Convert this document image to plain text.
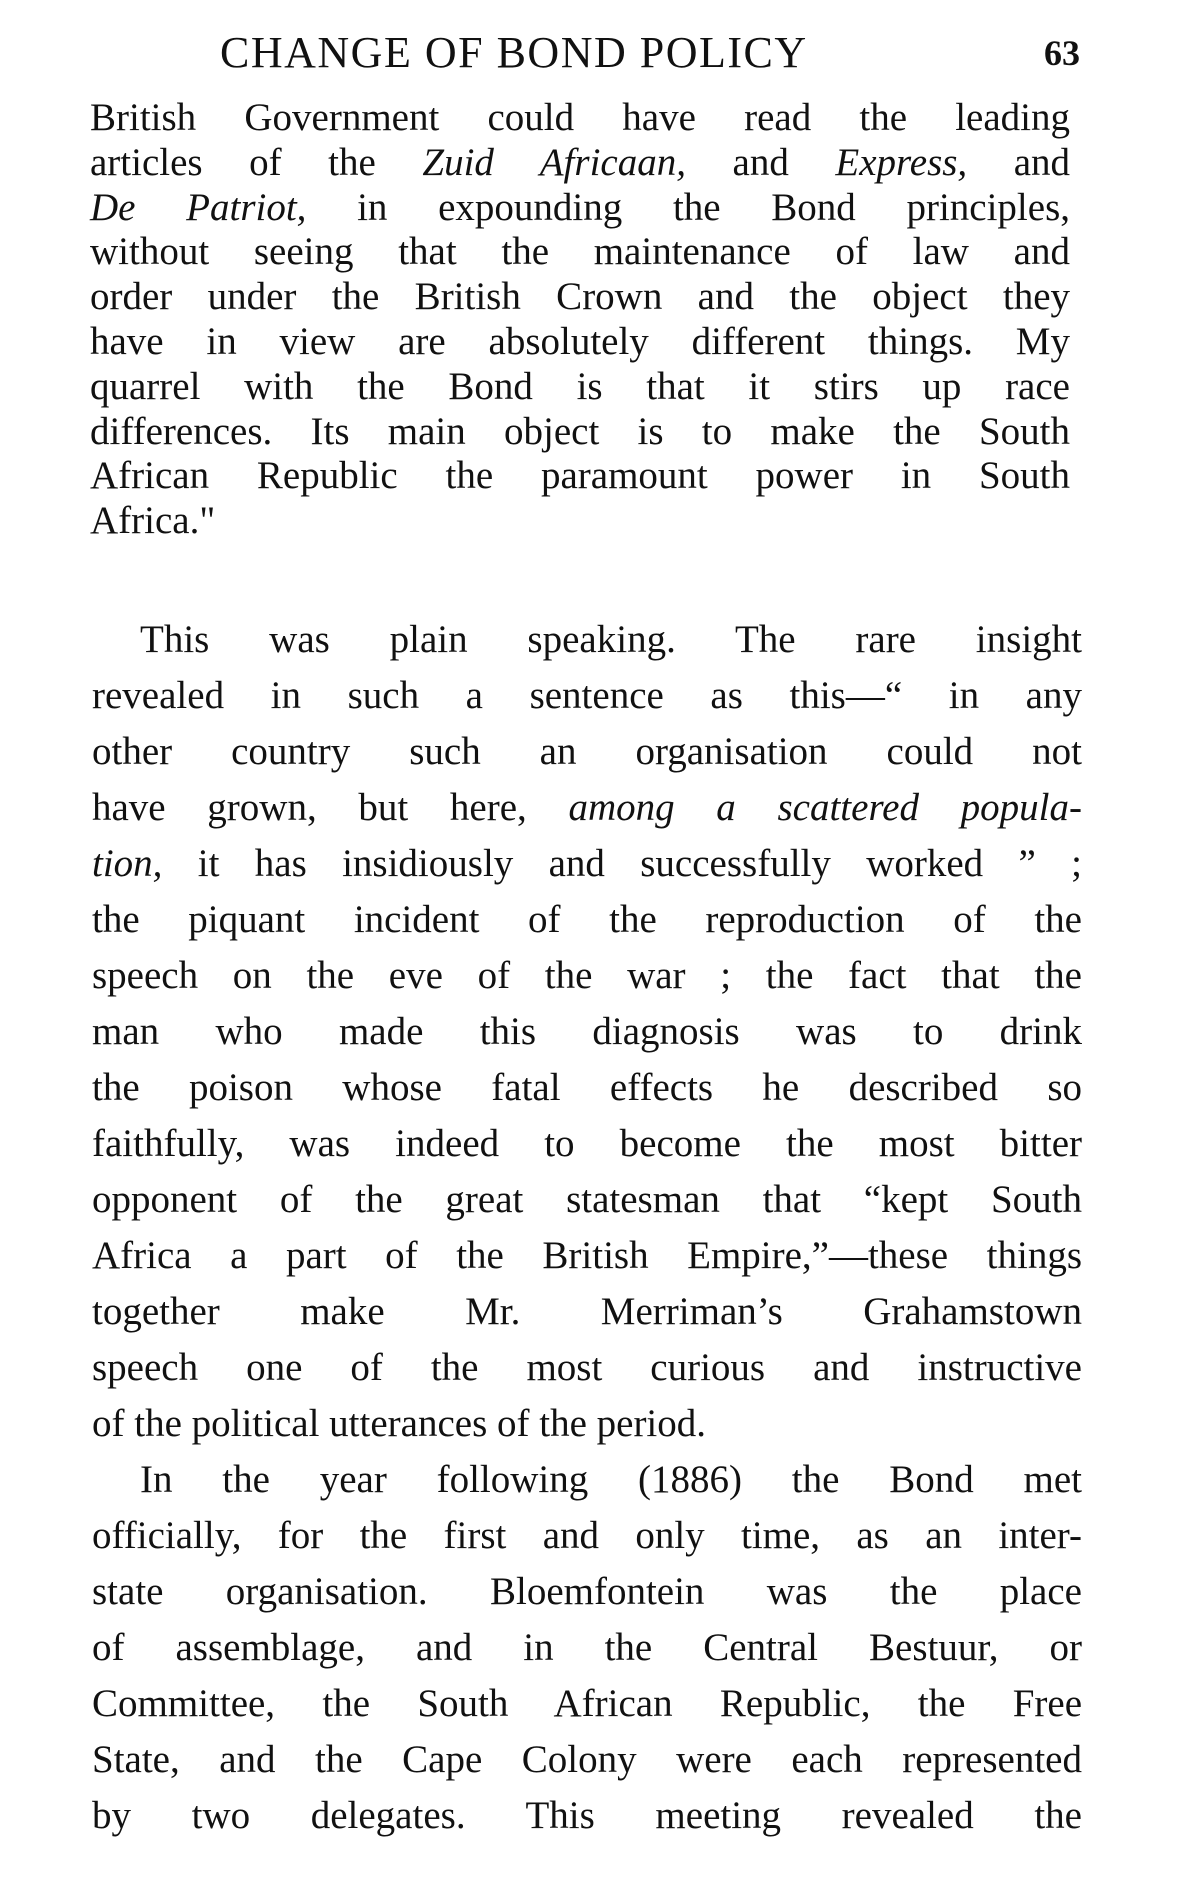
CHANGE OF BOND POLICY	63
British Government could have read the leading
articles of the Zuid Africaan, and Express, and
De Patriot, in expounding the Bond principles,
without seeing that the maintenance of law and
order under the British Crown and the object they
have in view are absolutely different things. My
quarrel with the Bond is that it stirs up race
differences. Its main object is to make the South
African Republic the paramount power in South
Africa."
This was plain speaking. The rare insight
revealed in such a sentence as this—“ in any
other country such an organisation could not
have grown, but here, among a scattered popula-
tion, it has insidiously and successfully worked ” ;
the piquant incident of the reproduction of the
speech on the eve of the war ; the fact that the
man who made this diagnosis was to drink
the poison whose fatal effects he described so
faithfully, was indeed to become the most bitter
opponent of the great statesman that “kept South
Africa a part of the British Empire,”—these things
together make Mr. Merriman’s Grahamstown
speech one of the most curious and instructive
of the political utterances of the period.
In the year following (1886) the Bond met
officially, for the first and only time, as an inter-
state organisation. Bloemfontein was the place
of assemblage, and in the Central Bestuur, or
Committee, the South African Republic, the Free
State, and the Cape Colony were each represented
by two delegates. This meeting revealed the
